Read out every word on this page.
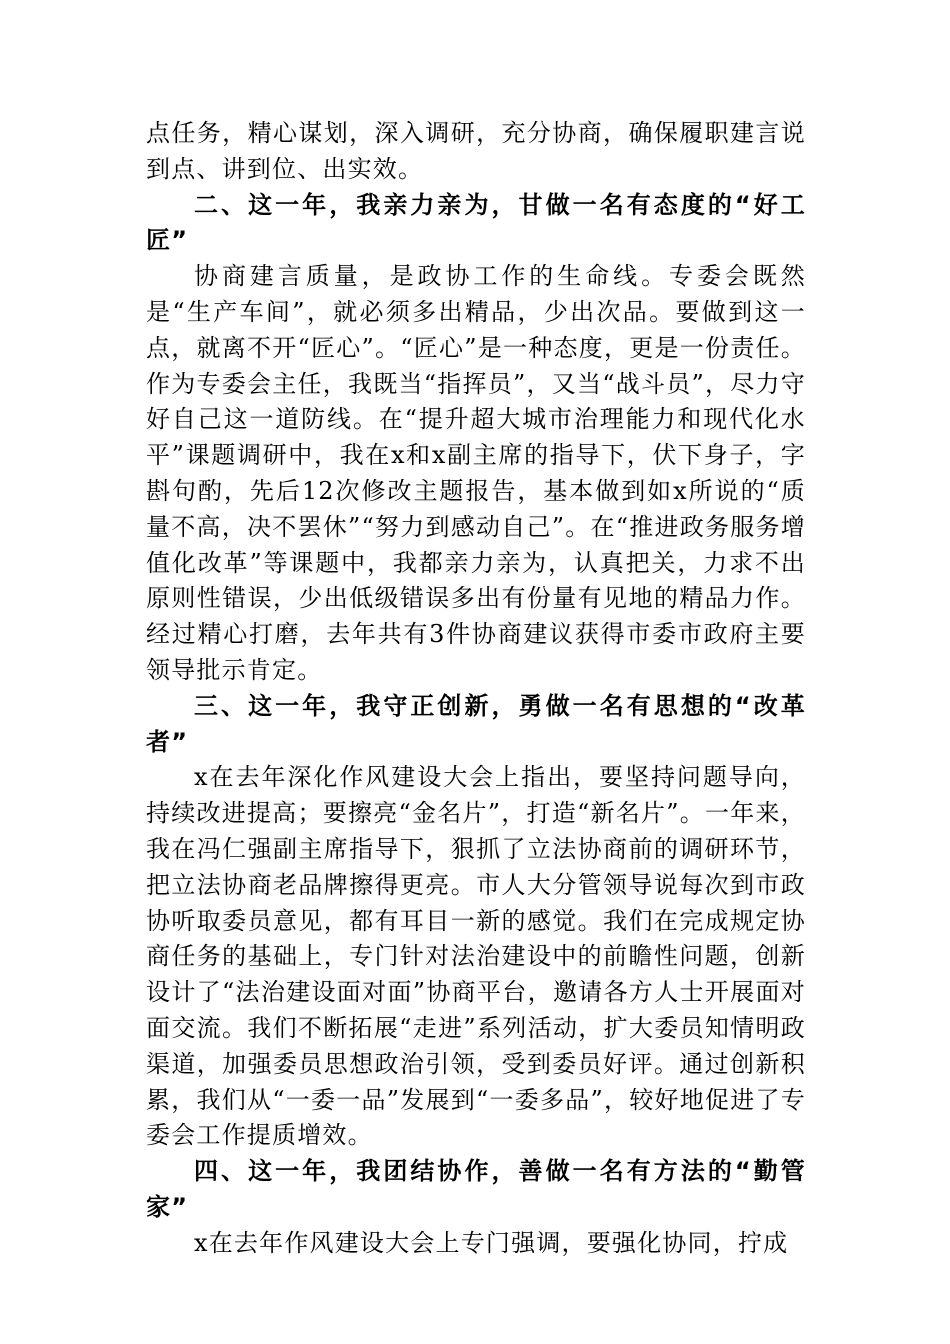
点任务，精心谋划，深入调研，充分协商，确保履职建言说到点、讲到位、出实效。

二、这一年，我亲力亲为，甘做一名有态度的“好工匠”

协商建言质量，是政协工作的生命线。专委会既然是“生产车间”，就必须多出精品，少出次品。要做到这一点，就离不开“匠心”。“匠心”是一种态度，更是一份责任。作为专委会主任，我既当“指挥员”，又当“战斗员”，尽力守好自己这一道防线。在“提升超大城市治理能力和现代化水平”课题调研中，我在x和x副主席的指导下，伏下身子，字斟句酌，先后12次修改主题报告，基本做到如x所说的“质量不高，决不罢休”“努力到感动自己”。在“推进政务服务增值化改革”等课题中，我都亲力亲为，认真把关，力求不出原则性错误，少出低级错误多出有份量有见地的精品力作。经过精心打磨，去年共有3件协商建议获得市委市政府主要领导批示肯定。

三、这一年，我守正创新，勇做一名有思想的“改革者”

x在去年深化作风建设大会上指出，要坚持问题导向，持续改进提高；要擦亮“金名片”，打造“新名片”。一年来，我在冯仁强副主席指导下，狠抓了立法协商前的调研环节，把立法协商老品牌擦得更亮。市人大分管领导说每次到市政协听取委员意见，都有耳目一新的感觉。我们在完成规定协商任务的基础上，专门针对法治建设中的前瞻性问题，创新设计了“法治建设面对面”协商平台，邀请各方人士开展面对面交流。我们不断拓展“走进”系列活动，扩大委员知情明政渠道，加强委员思想政治引领，受到委员好评。通过创新积累，我们从“一委一品”发展到“一委多品”，较好地促进了专委会工作提质增效。

四、这一年，我团结协作，善做一名有方法的“勤管家”

x在去年作风建设大会上专门强调，要强化协同，拧成
